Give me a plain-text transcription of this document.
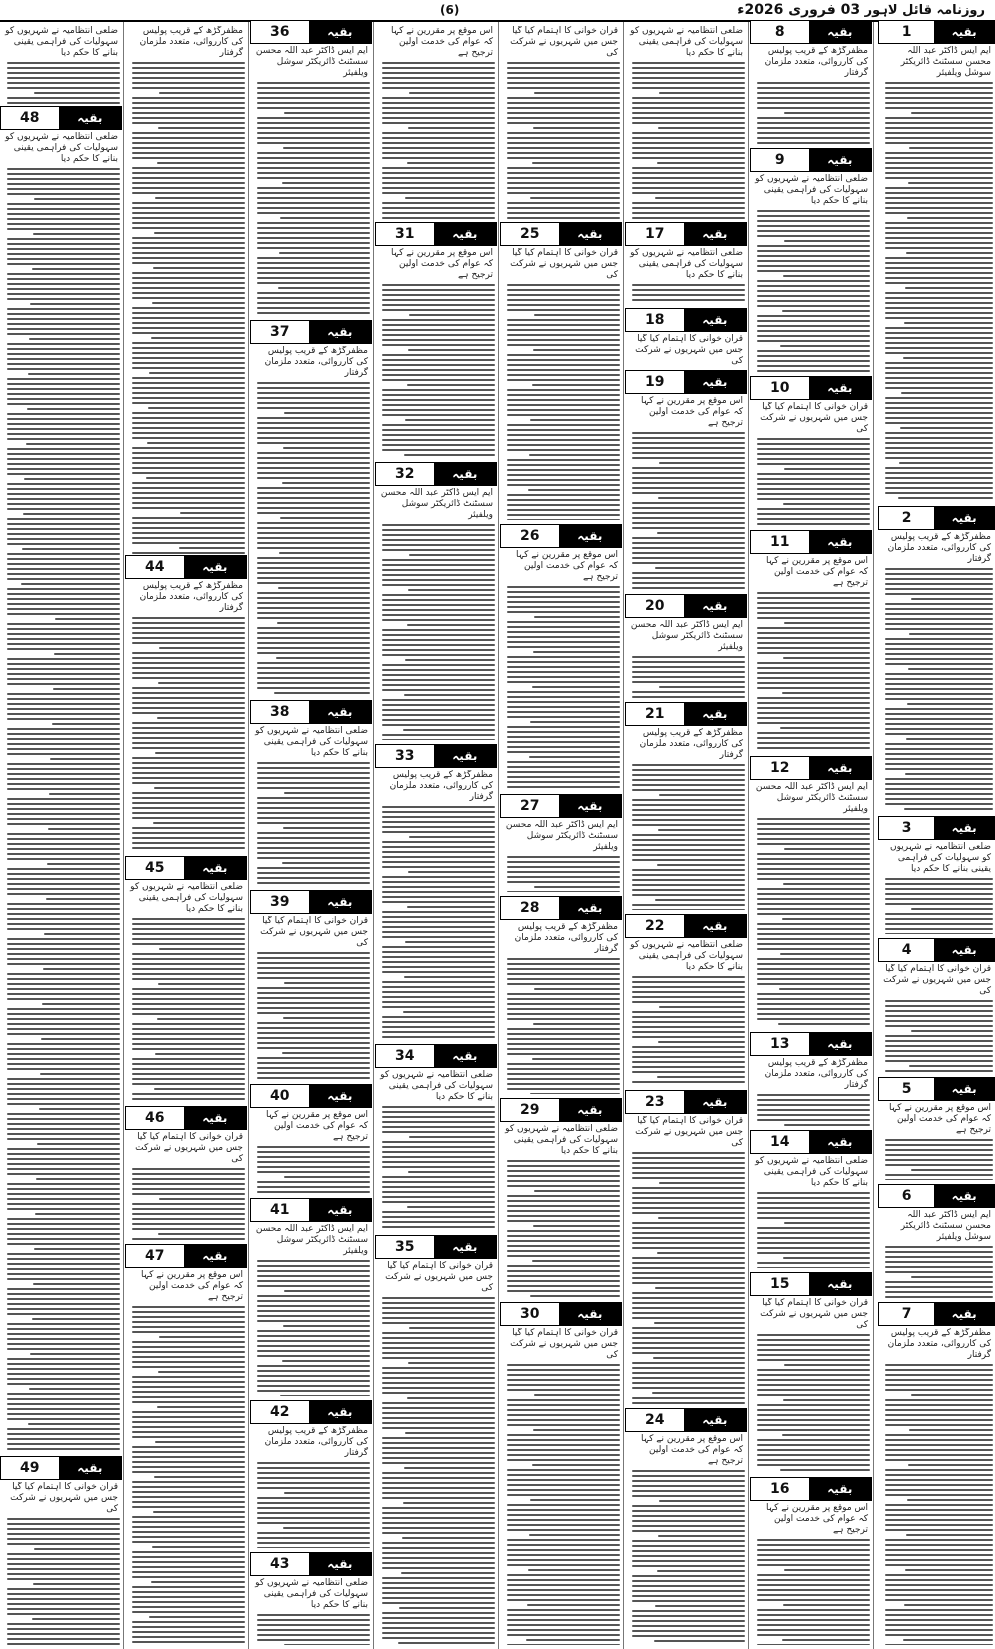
(6)	روزنامہ قائل لاہور 03 فروری 2026ء
1	بقیہ
ایم ایس ڈاکٹر عبد اللہ محسن سسٹنٹ ڈائریکٹر سوشل ویلفیئر
2	بقیہ
مظفرگڑھ کے قریب پولیس کی کارروائی، متعدد ملزمان گرفتار
3	بقیہ
ضلعی انتظامیہ نے شہریوں کو سہولیات کی فراہمی یقینی بنانے کا حکم دیا
4	بقیہ
قرآن خوانی کا اہتمام کیا گیا جس میں شہریوں نے شرکت کی
5	بقیہ
اس موقع پر مقررین نے کہا کہ عوام کی خدمت اولین ترجیح ہے
6	بقیہ
ایم ایس ڈاکٹر عبد اللہ محسن سسٹنٹ ڈائریکٹر سوشل ویلفیئر
7	بقیہ
مظفرگڑھ کے قریب پولیس کی کارروائی، متعدد ملزمان گرفتار
8	بقیہ
مظفرگڑھ کے قریب پولیس کی کارروائی، متعدد ملزمان گرفتار
9	بقیہ
ضلعی انتظامیہ نے شہریوں کو سہولیات کی فراہمی یقینی بنانے کا حکم دیا
10	بقیہ
قرآن خوانی کا اہتمام کیا گیا جس میں شہریوں نے شرکت کی
11	بقیہ
اس موقع پر مقررین نے کہا کہ عوام کی خدمت اولین ترجیح ہے
12	بقیہ
ایم ایس ڈاکٹر عبد اللہ محسن سسٹنٹ ڈائریکٹر سوشل ویلفیئر
13	بقیہ
مظفرگڑھ کے قریب پولیس کی کارروائی، متعدد ملزمان گرفتار
14	بقیہ
ضلعی انتظامیہ نے شہریوں کو سہولیات کی فراہمی یقینی بنانے کا حکم دیا
15	بقیہ
قرآن خوانی کا اہتمام کیا گیا جس میں شہریوں نے شرکت کی
16	بقیہ
اس موقع پر مقررین نے کہا کہ عوام کی خدمت اولین ترجیح ہے
ضلعی انتظامیہ نے شہریوں کو سہولیات کی فراہمی یقینی بنانے کا حکم دیا
17	بقیہ
ضلعی انتظامیہ نے شہریوں کو سہولیات کی فراہمی یقینی بنانے کا حکم دیا
18	بقیہ
قرآن خوانی کا اہتمام کیا گیا جس میں شہریوں نے شرکت کی
19	بقیہ
اس موقع پر مقررین نے کہا کہ عوام کی خدمت اولین ترجیح ہے
20	بقیہ
ایم ایس ڈاکٹر عبد اللہ محسن سسٹنٹ ڈائریکٹر سوشل ویلفیئر
21	بقیہ
مظفرگڑھ کے قریب پولیس کی کارروائی، متعدد ملزمان گرفتار
22	بقیہ
ضلعی انتظامیہ نے شہریوں کو سہولیات کی فراہمی یقینی بنانے کا حکم دیا
23	بقیہ
قرآن خوانی کا اہتمام کیا گیا جس میں شہریوں نے شرکت کی
24	بقیہ
اس موقع پر مقررین نے کہا کہ عوام کی خدمت اولین ترجیح ہے
قرآن خوانی کا اہتمام کیا گیا جس میں شہریوں نے شرکت کی
25	بقیہ
قرآن خوانی کا اہتمام کیا گیا جس میں شہریوں نے شرکت کی
26	بقیہ
اس موقع پر مقررین نے کہا کہ عوام کی خدمت اولین ترجیح ہے
27	بقیہ
ایم ایس ڈاکٹر عبد اللہ محسن سسٹنٹ ڈائریکٹر سوشل ویلفیئر
28	بقیہ
مظفرگڑھ کے قریب پولیس کی کارروائی، متعدد ملزمان گرفتار
29	بقیہ
ضلعی انتظامیہ نے شہریوں کو سہولیات کی فراہمی یقینی بنانے کا حکم دیا
30	بقیہ
قرآن خوانی کا اہتمام کیا گیا جس میں شہریوں نے شرکت کی
اس موقع پر مقررین نے کہا کہ عوام کی خدمت اولین ترجیح ہے
31	بقیہ
اس موقع پر مقررین نے کہا کہ عوام کی خدمت اولین ترجیح ہے
32	بقیہ
ایم ایس ڈاکٹر عبد اللہ محسن سسٹنٹ ڈائریکٹر سوشل ویلفیئر
33	بقیہ
مظفرگڑھ کے قریب پولیس کی کارروائی، متعدد ملزمان گرفتار
34	بقیہ
ضلعی انتظامیہ نے شہریوں کو سہولیات کی فراہمی یقینی بنانے کا حکم دیا
35	بقیہ
قرآن خوانی کا اہتمام کیا گیا جس میں شہریوں نے شرکت کی
36	بقیہ
ایم ایس ڈاکٹر عبد اللہ محسن سسٹنٹ ڈائریکٹر سوشل ویلفیئر
37	بقیہ
مظفرگڑھ کے قریب پولیس کی کارروائی، متعدد ملزمان گرفتار
38	بقیہ
ضلعی انتظامیہ نے شہریوں کو سہولیات کی فراہمی یقینی بنانے کا حکم دیا
39	بقیہ
قرآن خوانی کا اہتمام کیا گیا جس میں شہریوں نے شرکت کی
40	بقیہ
اس موقع پر مقررین نے کہا کہ عوام کی خدمت اولین ترجیح ہے
41	بقیہ
ایم ایس ڈاکٹر عبد اللہ محسن سسٹنٹ ڈائریکٹر سوشل ویلفیئر
42	بقیہ
مظفرگڑھ کے قریب پولیس کی کارروائی، متعدد ملزمان گرفتار
43	بقیہ
ضلعی انتظامیہ نے شہریوں کو سہولیات کی فراہمی یقینی بنانے کا حکم دیا
مظفرگڑھ کے قریب پولیس کی کارروائی، متعدد ملزمان گرفتار
44	بقیہ
مظفرگڑھ کے قریب پولیس کی کارروائی، متعدد ملزمان گرفتار
45	بقیہ
ضلعی انتظامیہ نے شہریوں کو سہولیات کی فراہمی یقینی بنانے کا حکم دیا
46	بقیہ
قرآن خوانی کا اہتمام کیا گیا جس میں شہریوں نے شرکت کی
47	بقیہ
اس موقع پر مقررین نے کہا کہ عوام کی خدمت اولین ترجیح ہے
ضلعی انتظامیہ نے شہریوں کو سہولیات کی فراہمی یقینی بنانے کا حکم دیا
48	بقیہ
ضلعی انتظامیہ نے شہریوں کو سہولیات کی فراہمی یقینی بنانے کا حکم دیا
49	بقیہ
قرآن خوانی کا اہتمام کیا گیا جس میں شہریوں نے شرکت کی
